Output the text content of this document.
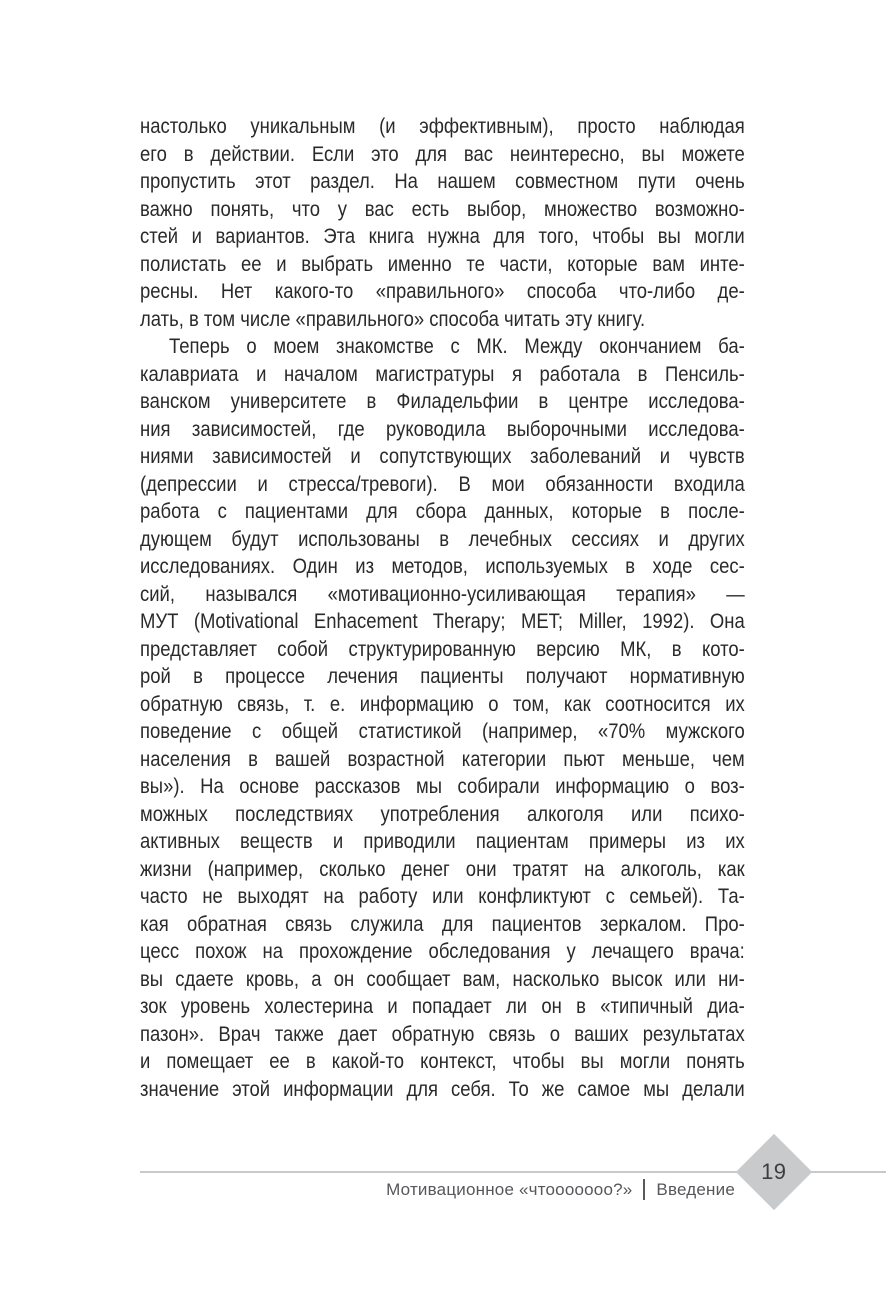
настолько уникальным (и эффективным), просто наблюдая
его в действии. Если это для вас неинтересно, вы можете
пропустить этот раздел. На нашем совместном пути очень
важно понять, что у вас есть выбор, множество возможно-
стей и вариантов. Эта книга нужна для того, чтобы вы могли
полистать ее и выбрать именно те части, которые вам инте-
ресны. Нет какого-то «правильного» способа что-либо де-
лать, в том числе «правильного» способа читать эту книгу.
Теперь о моем знакомстве с МК. Между окончанием ба-
калавриата и началом магистратуры я работала в Пенсиль-
ванском университете в Филадельфии в центре исследова-
ния зависимостей, где руководила выборочными исследова-
ниями зависимостей и сопутствующих заболеваний и чувств
(депрессии и стресса/тревоги). В мои обязанности входила
работа с пациентами для сбора данных, которые в после-
дующем будут использованы в лечебных сессиях и других
исследованиях. Один из методов, используемых в ходе сес-
сий, назывался «мотивационно-усиливающая терапия» —
МУТ (Motivational Enhacement Therapy; MET; Miller, 1992). Она
представляет собой структурированную версию МК, в кото-
рой в процессе лечения пациенты получают нормативную
обратную связь, т. е. информацию о том, как соотносится их
поведение с общей статистикой (например, «70% мужского
населения в вашей возрастной категории пьют меньше, чем
вы»). На основе рассказов мы собирали информацию о воз-
можных последствиях употребления алкоголя или психо-
активных веществ и приводили пациентам примеры из их
жизни (например, сколько денег они тратят на алкоголь, как
часто не выходят на работу или конфликтуют с семьей). Та-
кая обратная связь служила для пациентов зеркалом. Про-
цесс похож на прохождение обследования у лечащего врача:
вы сдаете кровь, а он сообщает вам, насколько высок или ни-
зок уровень холестерина и попадает ли он в «типичный диа-
пазон». Врач также дает обратную связь о ваших результатах
и помещает ее в какой-то контекст, чтобы вы могли понять
значение этой информации для себя. То же самое мы делали
Мотивационное «чтооооооо?» Введение
19
